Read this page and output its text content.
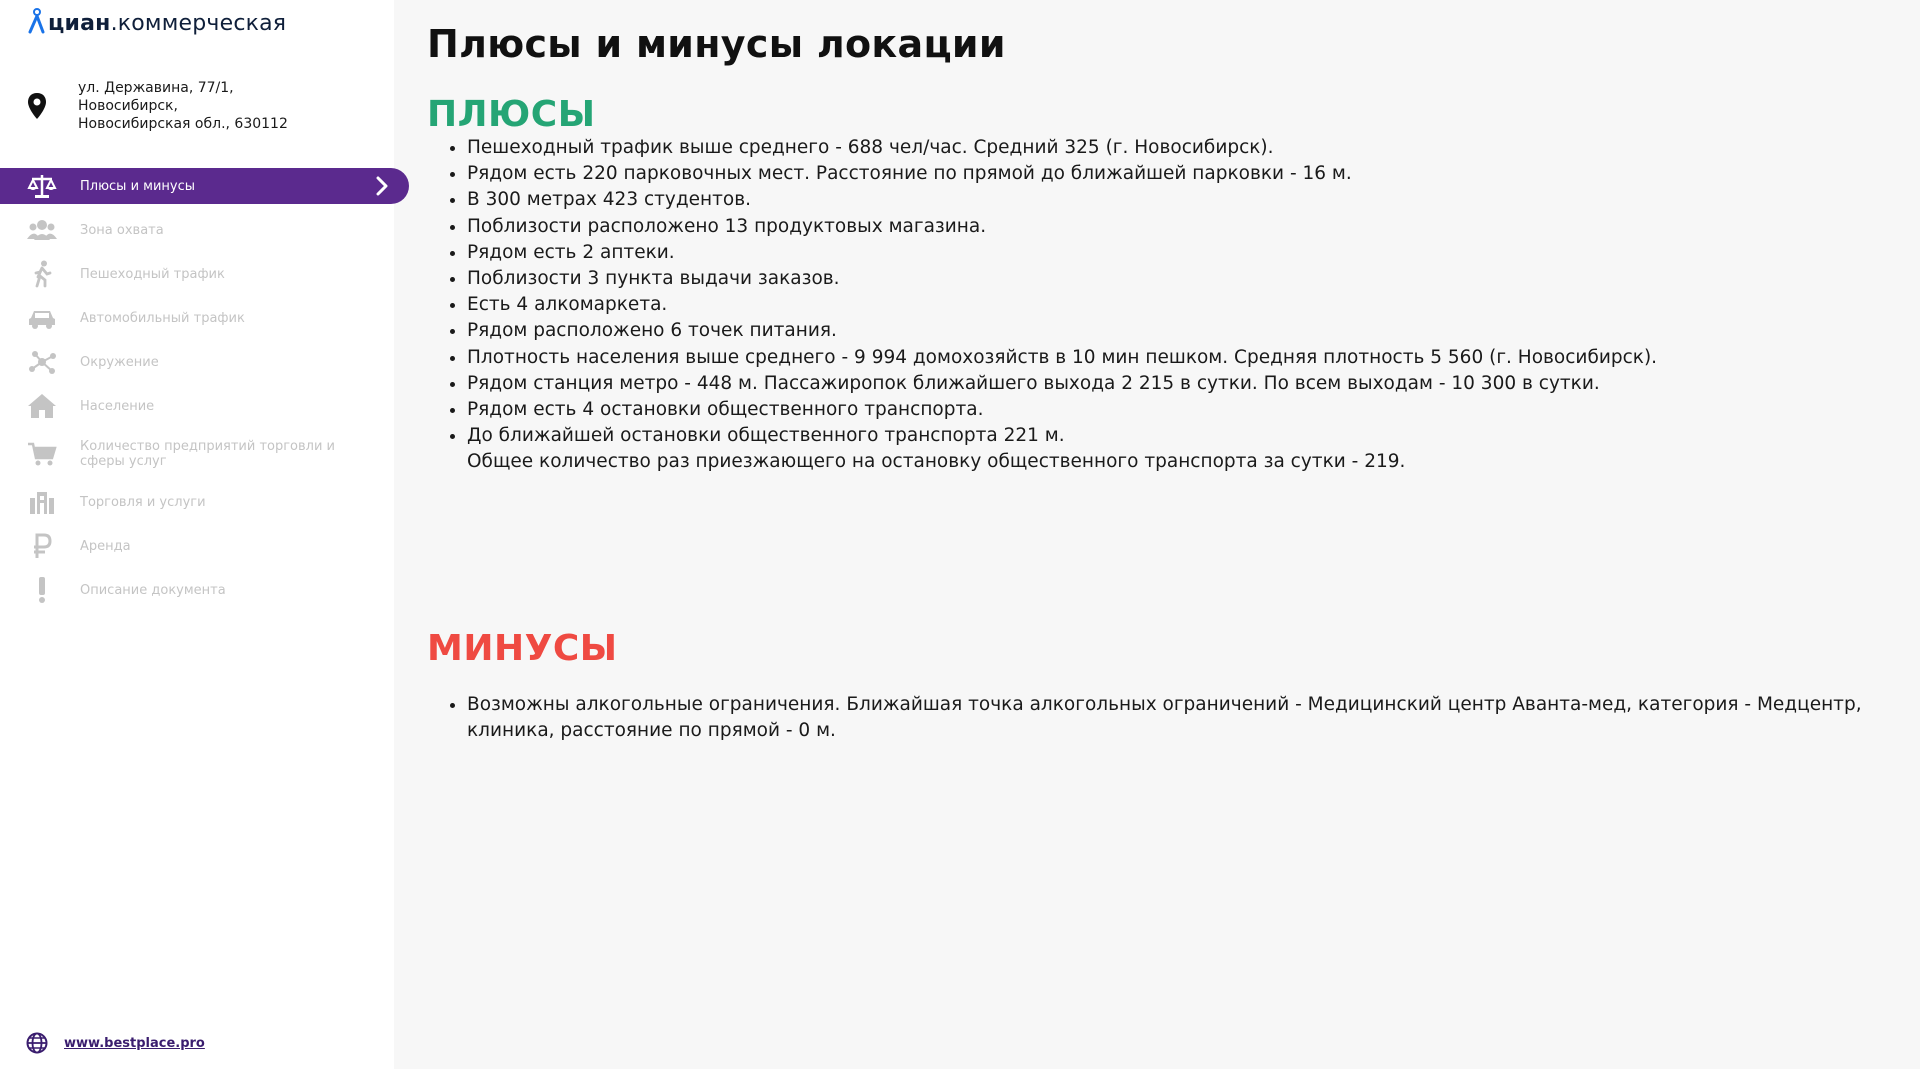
циан .коммерческая
ул. Державина, 77/1,
Новосибирск,
Новосибирская обл., 630112
Плюсы и минусы
Зона охвата
Пешеходный трафик
Автомобильный трафик
Окружение
Население
Количество предприятий торговли и сферы услуг
Торговля и услуги
Аренда
Описание документа
www.bestplace.pro
Плюсы и минусы локации
ПЛЮСЫ
• Пешеходный трафик выше среднего - 688 чел/час. Средний 325 (г. Новосибирск).
• Рядом есть 220 парковочных мест. Расстояние по прямой до ближайшей парковки - 16 м.
• В 300 метрах 423 студентов.
• Поблизости расположено 13 продуктовых магазина.
• Рядом есть 2 аптеки.
• Поблизости 3 пункта выдачи заказов.
• Есть 4 алкомаркета.
• Рядом расположено 6 точек питания.
• Плотность населения выше среднего - 9 994 домохозяйств в 10 мин пешком. Средняя плотность 5 560 (г. Новосибирск).
• Рядом станция метро - 448 м. Пассажиропок ближайшего выхода 2 215 в сутки. По всем выходам - 10 300 в сутки.
• Рядом есть 4 остановки общественного транспорта.
• До ближайшей остановки общественного транспорта 221 м.
Общее количество раз приезжающего на остановку общественного транспорта за сутки - 219.
МИНУСЫ
• Возможны алкогольные ограничения. Ближайшая точка алкогольных ограничений - Медицинский центр Аванта-мед, категория - Медцентр, клиника, расстояние по прямой - 0 м.
